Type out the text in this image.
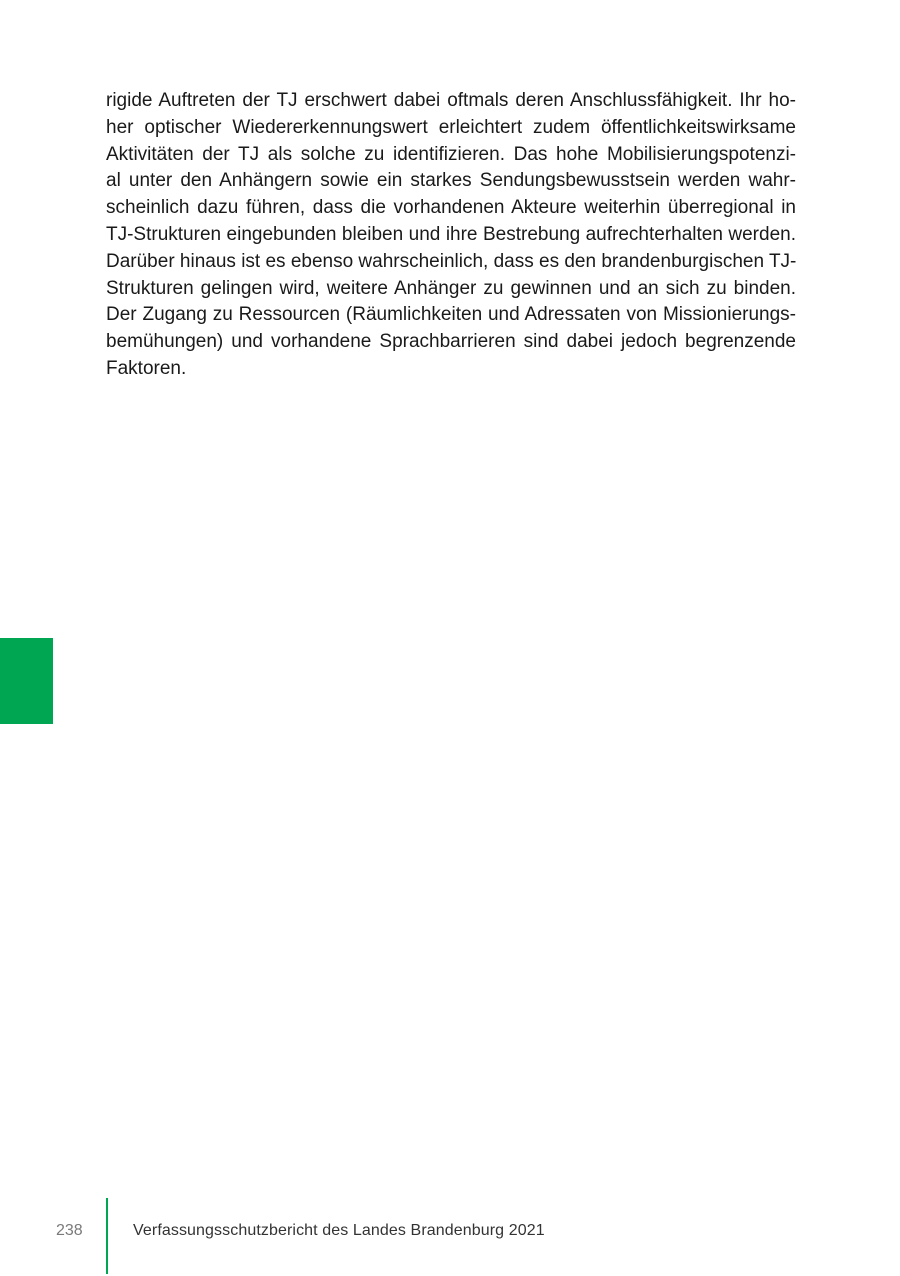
rigide Auftreten der TJ erschwert dabei oftmals deren Anschlussfähigkeit. Ihr ho-
her optischer Wiedererkennungswert erleichtert zudem öffentlichkeitswirksame
Aktivitäten der TJ als solche zu identifizieren. Das hohe Mobilisierungspotenzi-
al unter den Anhängern sowie ein starkes Sendungsbewusstsein werden wahr-
scheinlich dazu führen, dass die vorhandenen Akteure weiterhin überregional in
TJ-Strukturen eingebunden bleiben und ihre Bestrebung aufrechterhalten werden.
Darüber hinaus ist es ebenso wahrscheinlich, dass es den brandenburgischen TJ-
Strukturen gelingen wird, weitere Anhänger zu gewinnen und an sich zu binden.
Der Zugang zu Ressourcen (Räumlichkeiten und Adressaten von Missionierungs-
bemühungen) und vorhandene Sprachbarrieren sind dabei jedoch begrenzende
Faktoren.
238	Verfassungsschutzbericht des Landes Brandenburg 2021
